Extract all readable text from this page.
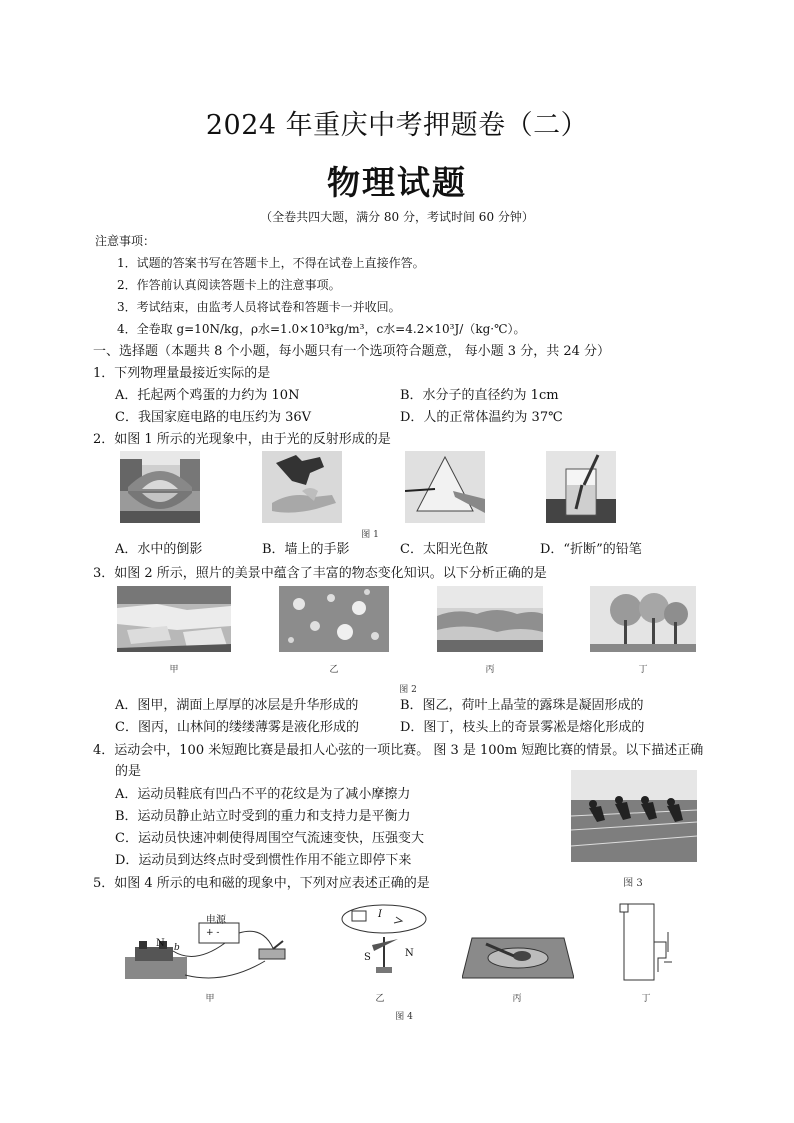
2024 年重庆中考押题卷（二）
物理试题
（全卷共四大题，满分 80 分，考试时间 60 分钟）
注意事项：
1．试题的答案书写在答题卡上，不得在试卷上直接作答。
2．作答前认真阅读答题卡上的注意事项。
3．考试结束，由监考人员将试卷和答题卡一并收回。
4．全卷取 g=10N/kg，ρ水=1.0×10³kg/m³，c水=4.2×10³J/（kg·℃）。
一、选择题（本题共 8 个小题，每小题只有一个选项符合题意， 每小题 3 分，共 24 分）
1．下列物理量最接近实际的是
A．托起两个鸡蛋的力约为 10N	B．水分子的直径约为 1cm
C．我国家庭电路的电压约为 36V	D．人的正常体温约为 37℃
2．如图 1 所示的光现象中，由于光的反射形成的是
图 1
A．水中的倒影	B．墙上的手影	C．太阳光色散	D．“折断”的铅笔
3．如图 2 所示，照片的美景中蕴含了丰富的物态变化知识。以下分析正确的是
甲	乙	丙	丁
图 2
A．图甲，湖面上厚厚的冰层是升华形成的	B．图乙，荷叶上晶莹的露珠是凝固形成的
C．图丙，山林间的缕缕薄雾是液化形成的	D．图丁，枝头上的奇景雾凇是熔化形成的
4．运动会中，100 米短跑比赛是最扣人心弦的一项比赛。 图 3 是 100m 短跑比赛的情景。以下描述正确
的是
A．运动员鞋底有凹凸不平的花纹是为了减小摩擦力
B．运动员静止站立时受到的重力和支持力是平衡力
C．运动员快速冲刺使得周围空气流速变快，压强变大
D．运动员到达终点时受到惯性作用不能立即停下来
图 3
5．如图 4 所示的电和磁的现象中，下列对应表述正确的是
电源
+ -
N b
甲
I
S	N
乙	丙	丁
图 4
